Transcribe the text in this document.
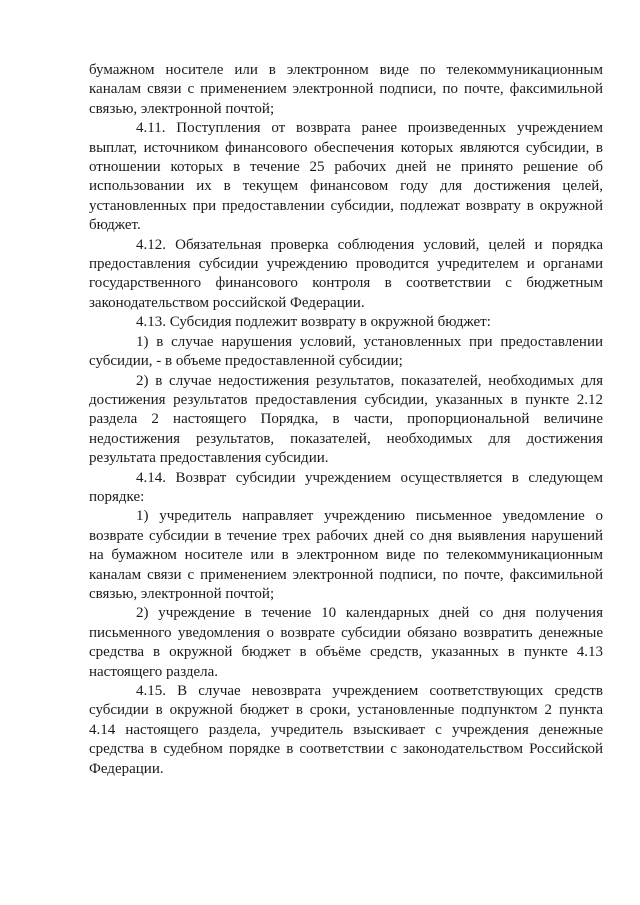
бумажном носителе или в электронном виде по телекоммуникационным каналам связи с применением электронной подписи, по почте, факсимильной связью, электронной почтой;

4.11. Поступления от возврата ранее произведенных учреждением выплат, источником финансового обеспечения которых являются субсидии, в отношении которых в течение 25 рабочих дней не принято решение об использовании их в текущем финансовом году для достижения целей, установленных при предоставлении субсидии, подлежат возврату в окружной бюджет.

4.12. Обязательная проверка соблюдения условий, целей и порядка предоставления субсидии учреждению проводится учредителем и органами государственного финансового контроля в соответствии с бюджетным законодательством российской Федерации.

4.13. Субсидия подлежит возврату в окружной бюджет:

1) в случае нарушения условий, установленных при предоставлении субсидии, - в объеме предоставленной субсидии;

2) в случае недостижения результатов, показателей, необходимых для достижения результатов предоставления субсидии, указанных в пункте 2.12 раздела 2 настоящего Порядка, в части, пропорциональной величине недостижения результатов, показателей, необходимых для достижения результата предоставления субсидии.

4.14. Возврат субсидии учреждением осуществляется в следующем порядке:

1) учредитель направляет учреждению письменное уведомление о возврате субсидии в течение трех рабочих дней со дня выявления нарушений на бумажном носителе или в электронном виде по телекоммуникационным каналам связи с применением электронной подписи, по почте, факсимильной связью, электронной почтой;

2) учреждение в течение 10 календарных дней со дня получения письменного уведомления о возврате субсидии обязано возвратить денежные средства в окружной бюджет в объёме средств, указанных в пункте 4.13 настоящего раздела.

4.15. В случае невозврата учреждением соответствующих средств субсидии в окружной бюджет в сроки, установленные подпунктом 2 пункта 4.14 настоящего раздела, учредитель взыскивает с учреждения денежные средства в судебном порядке в соответствии с законодательством Российской Федерации.
